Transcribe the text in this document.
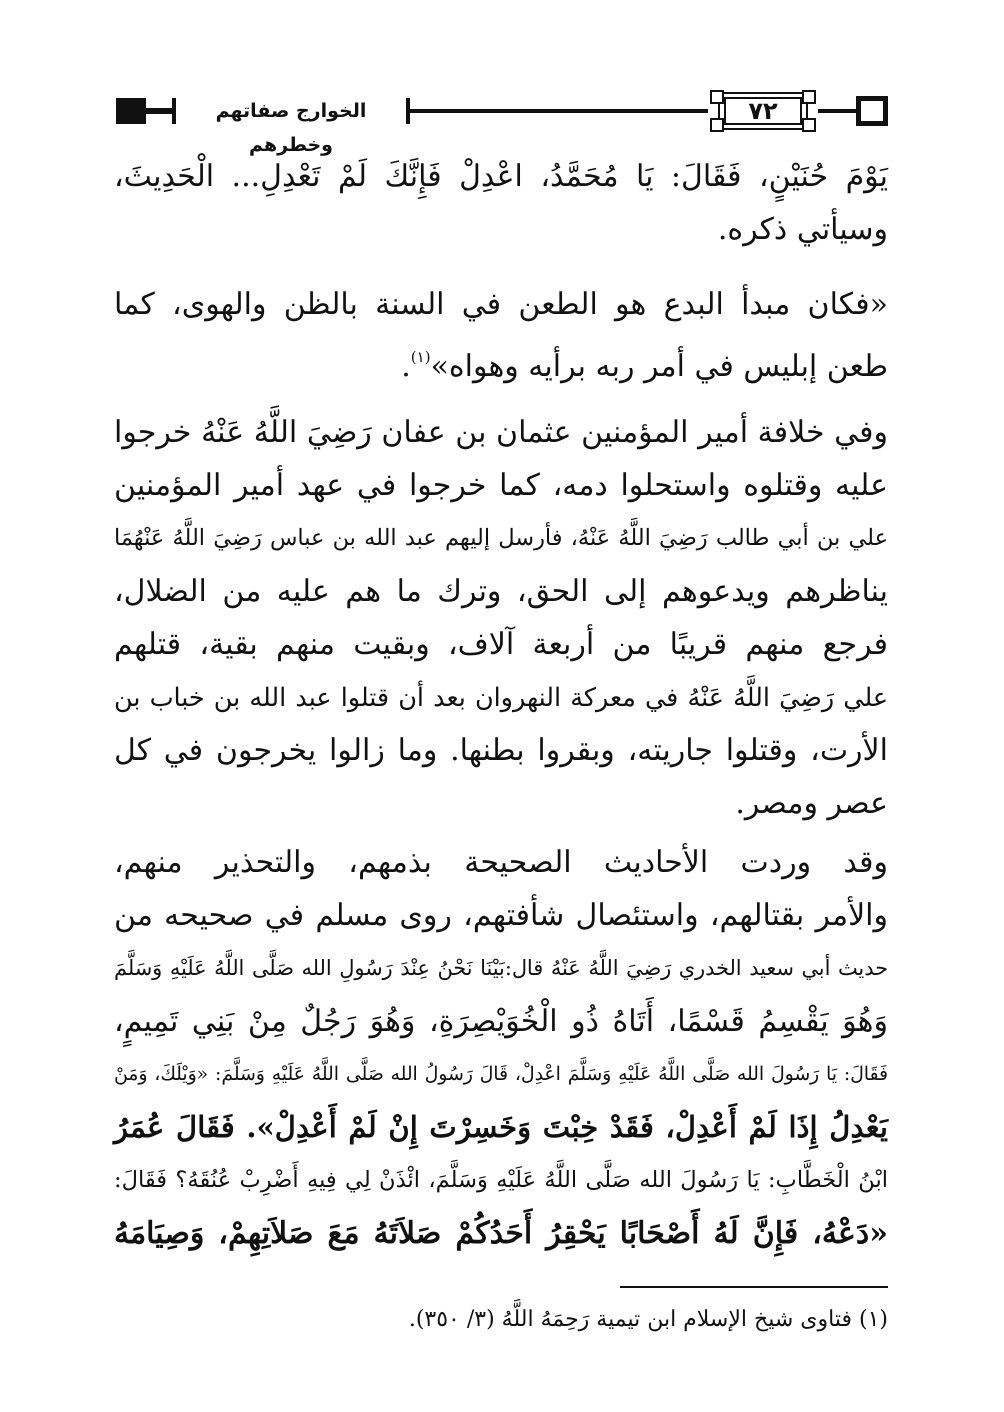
الخوارج صفاتهم وخطرهم
٧٢
يَوْمَ حُنَيْنٍ، فَقَالَ: يَا مُحَمَّدُ، اعْدِلْ فَإِنَّكَ لَمْ تَعْدِلِ... الْحَدِيثَ،
وسيأتي ذكره.
«فكان مبدأ البدع هو الطعن في السنة بالظن والهوى، كما
طعن إبليس في أمر ربه برأيه وهواه»$^{(١)}$.
وفي خلافة أمير المؤمنين عثمان بن عفان رَضِيَ اللَّهُ عَنْهُ خرجوا
عليه وقتلوه واستحلوا دمه، كما خرجوا في عهد أمير المؤمنين
علي بن أبي طالب رَضِيَ اللَّهُ عَنْهُ، فأرسل إليهم عبد الله بن عباس رَضِيَ اللَّهُ عَنْهُمَا
يناظرهم ويدعوهم إلى الحق، وترك ما هم عليه من الضلال،
فرجع منهم قريبًا من أربعة آلاف، وبقيت منهم بقية، قتلهم
علي رَضِيَ اللَّهُ عَنْهُ في معركة النهروان بعد أن قتلوا عبد الله بن خباب بن
الأرت، وقتلوا جاريته، وبقروا بطنها. وما زالوا يخرجون في كل
عصر ومصر.
وقد وردت الأحاديث الصحيحة بذمهم، والتحذير منهم،
والأمر بقتالهم، واستئصال شأفتهم، روى مسلم في صحيحه من
حديث أبي سعيد الخدري رَضِيَ اللَّهُ عَنْهُ قال:بَيْنَا نَحْنُ عِنْدَ رَسُولِ الله صَلَّى اللَّهُ عَلَيْهِ وَسَلَّمَ
وَهُوَ يَقْسِمُ قَسْمًا، أَتَاهُ ذُو الْخُوَيْصِرَةِ، وَهُوَ رَجُلٌ مِنْ بَنِي تَمِيمٍ،
فَقَالَ: يَا رَسُولَ الله صَلَّى اللَّهُ عَلَيْهِ وَسَلَّمَ اعْدِلْ، قَالَ رَسُولُ الله صَلَّى اللَّهُ عَلَيْهِ وَسَلَّمَ: «وَيْلَكَ، وَمَنْ
يَعْدِلُ إِذَا لَمْ أَعْدِلْ، فَقَدْ خِبْتَ وَخَسِرْتَ إِنْ لَمْ أَعْدِلْ». فَقَالَ عُمَرُ
ابْنُ الْخَطَّابِ: يَا رَسُولَ الله صَلَّى اللَّهُ عَلَيْهِ وَسَلَّمَ، ائْذَنْ لِي فِيهِ أَضْرِبْ عُنُقَهُ؟ فَقَالَ:
«دَعْهُ، فَإِنَّ لَهُ أَصْحَابًا يَحْقِرُ أَحَدُكُمْ صَلاَتَهُ مَعَ صَلاَتِهِمْ، وَصِيَامَهُ
(١) فتاوى شيخ الإسلام ابن تيمية رَحِمَهُ اللَّهُ (٣/ ٣٥٠).
